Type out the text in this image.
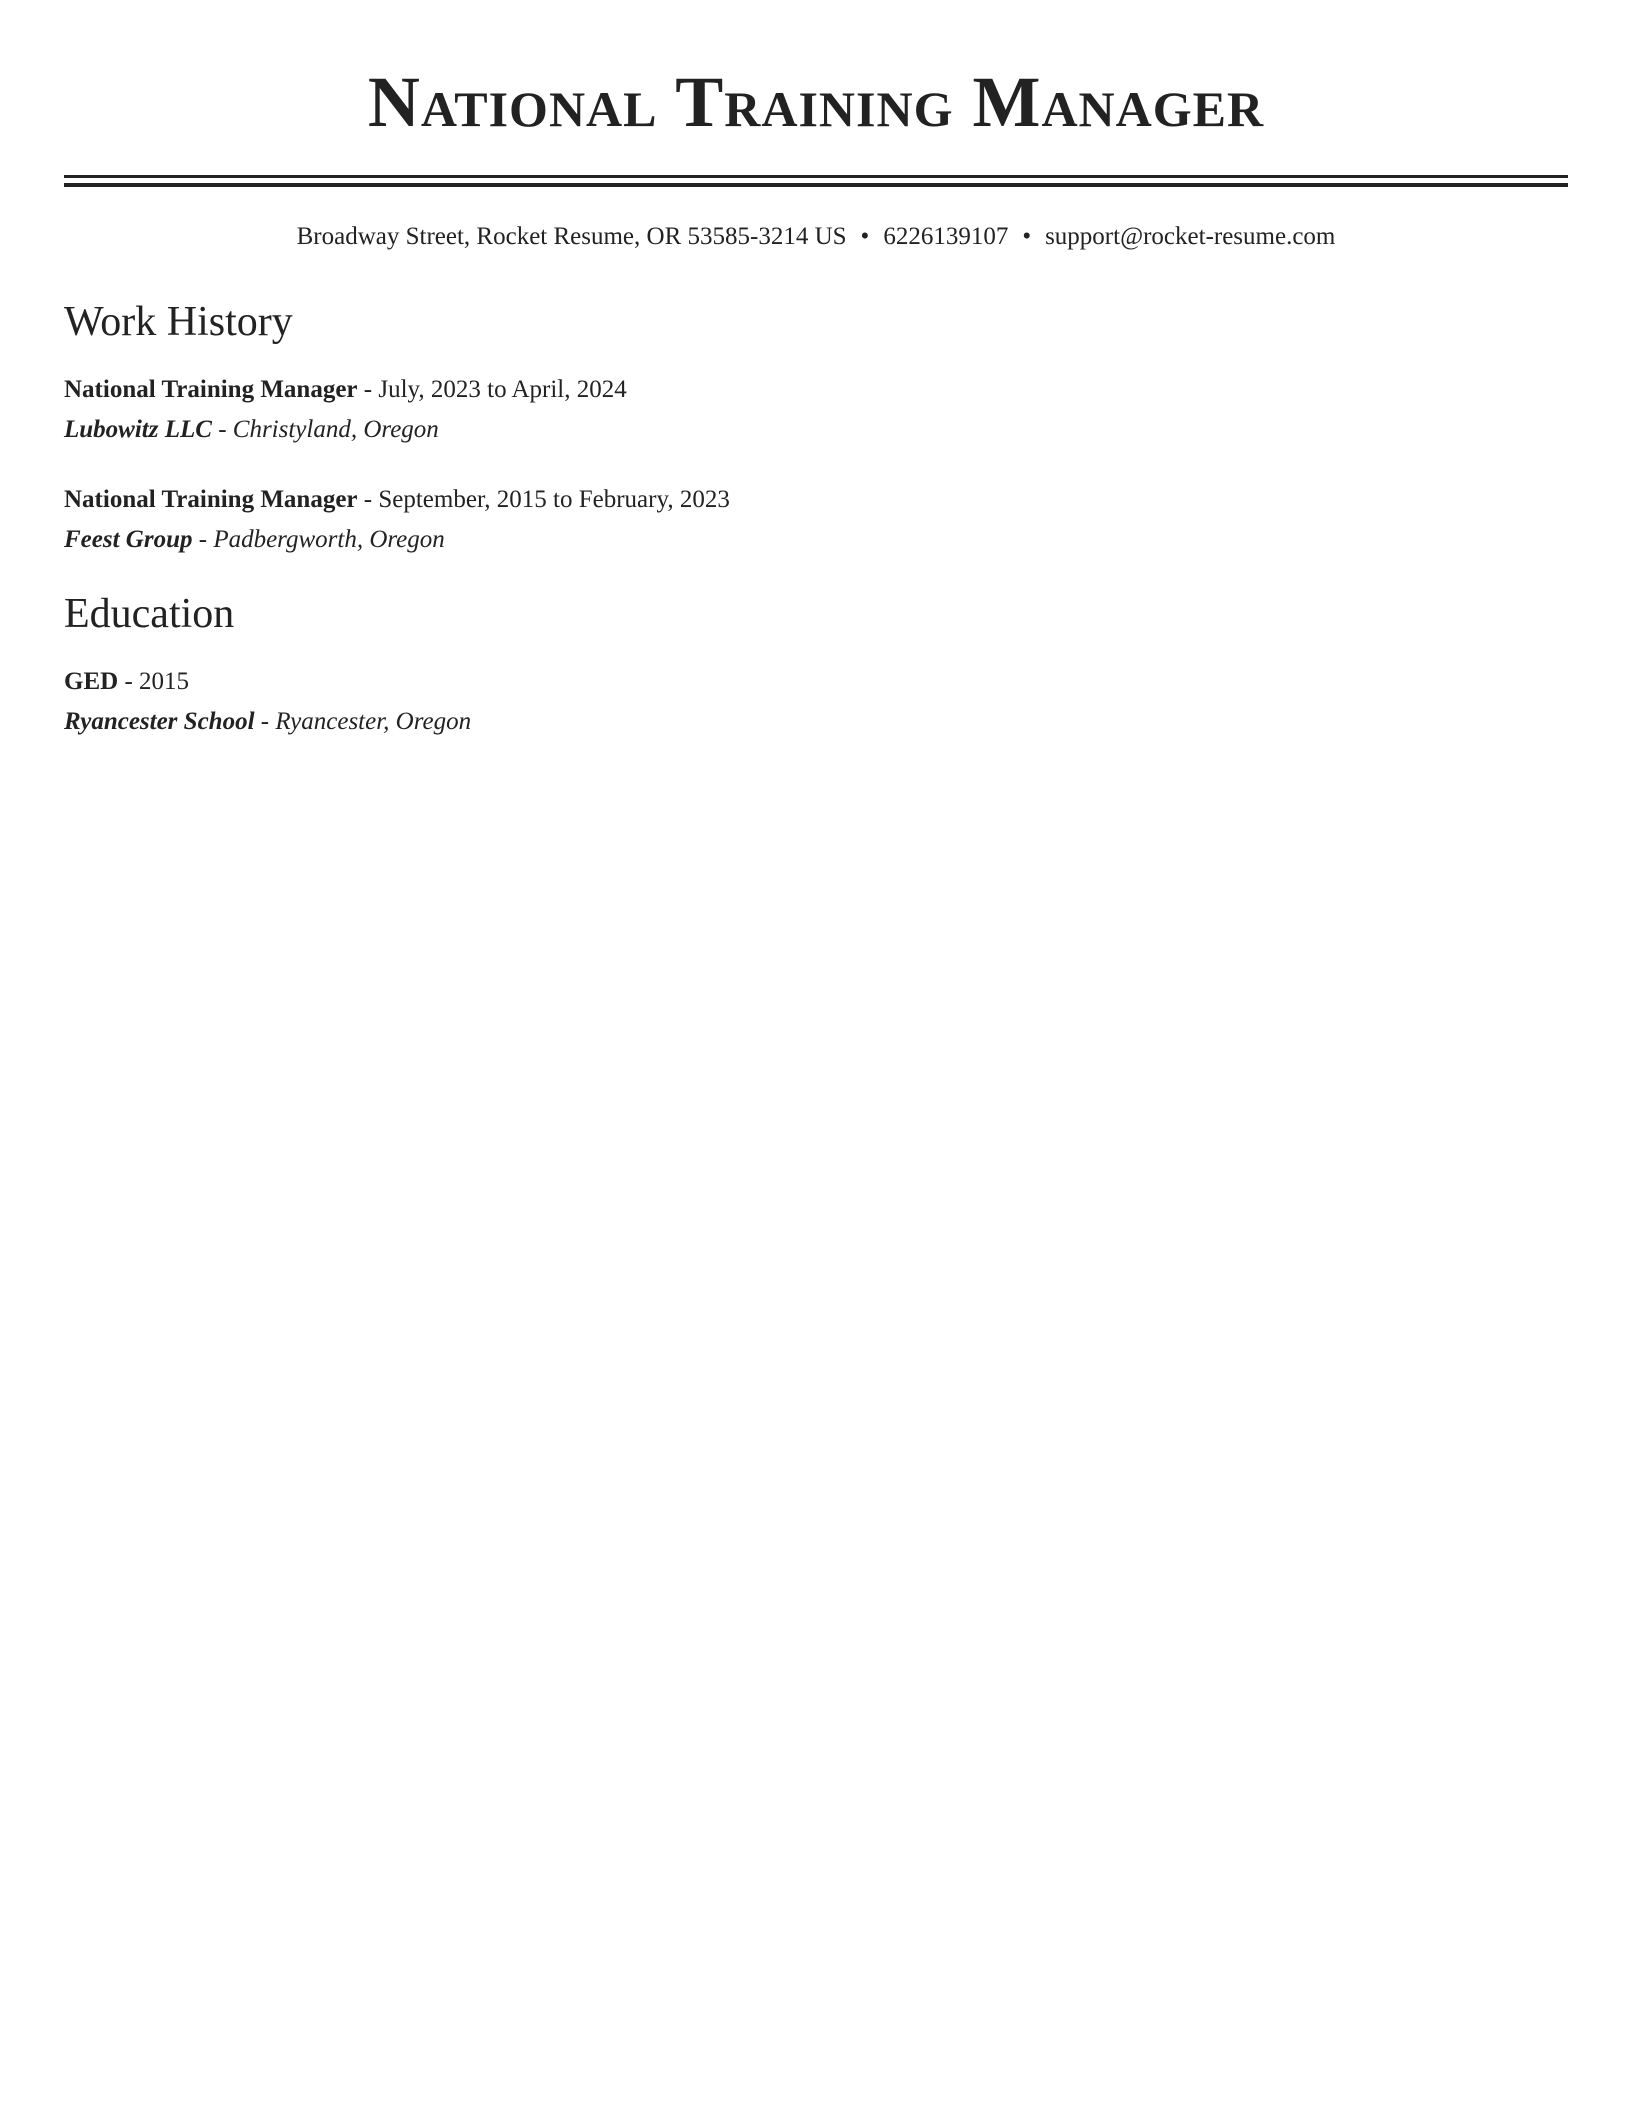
National Training Manager
Broadway Street, Rocket Resume, OR 53585-3214 US • 6226139107 • support@rocket-resume.com
Work History
National Training Manager - July, 2023 to April, 2024
Lubowitz LLC - Christyland, Oregon
National Training Manager - September, 2015 to February, 2023
Feest Group - Padbergworth, Oregon
Education
GED - 2015
Ryancester School - Ryancester, Oregon
